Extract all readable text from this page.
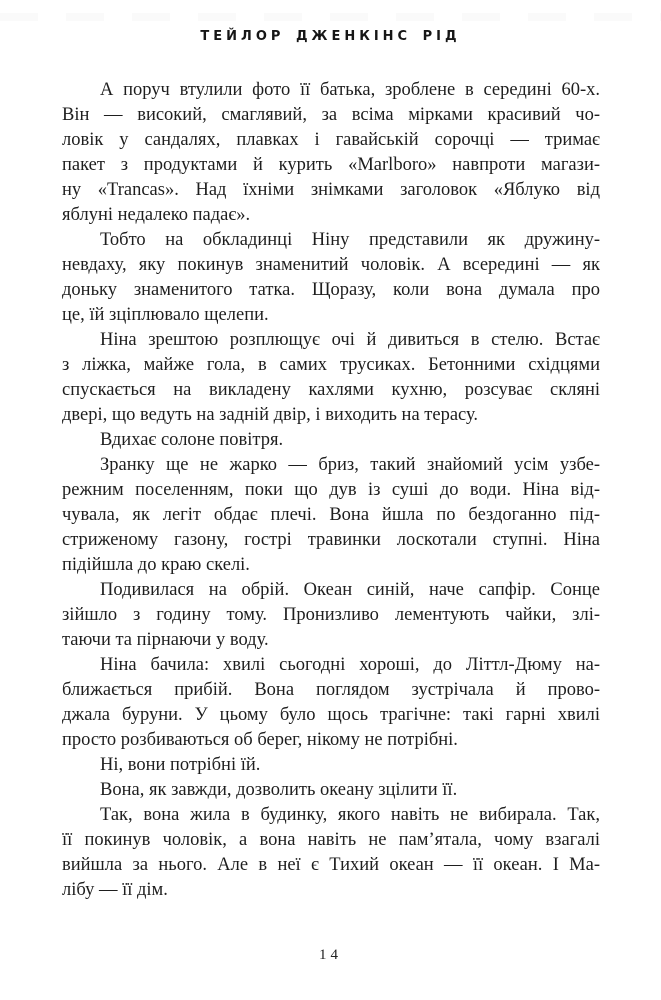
ТЕЙЛОР ДЖЕНКІНС РІД
А поруч втулили фото її батька, зроблене в середині 60-х.
Він — високий, смаглявий, за всіма мірками красивий чо-
ловік у сандалях, плавках і гавайській сорочці — тримає
пакет з продуктами й курить «Marlboro» навпроти магази-
ну «Trancas». Над їхніми знімками заголовок «Яблуко від
яблуні недалеко падає».
Тобто на обкладинці Ніну представили як дружину-
невдаху, яку покинув знаменитий чоловік. А всередині — як
доньку знаменитого татка. Щоразу, коли вона думала про
це, їй зціплювало щелепи.
Ніна зрештою розплющує очі й дивиться в стелю. Встає
з ліжка, майже гола, в самих трусиках. Бетонними східцями
спускається на викладену кахлями кухню, розсуває скляні
двері, що ведуть на задній двір, і виходить на терасу.
Вдихає солоне повітря.
Зранку ще не жарко — бриз, такий знайомий усім узбе-
режним поселенням, поки що дув із суші до води. Ніна від-
чувала, як легіт обдає плечі. Вона йшла по бездоганно під-
стриженому газону, гострі травинки лоскотали ступні. Ніна
підійшла до краю скелі.
Подивилася на обрій. Океан синій, наче сапфір. Сонце
зійшло з годину тому. Пронизливо лементують чайки, злі-
таючи та пірнаючи у воду.
Ніна бачила: хвилі сьогодні хороші, до Літтл-Дюму на-
ближається прибій. Вона поглядом зустрічала й прово-
джала буруни. У цьому було щось трагічне: такі гарні хвилі
просто розбиваються об берег, нікому не потрібні.
Ні, вони потрібні їй.
Вона, як завжди, дозволить океану зцілити її.
Так, вона жила в будинку, якого навіть не вибирала. Так,
її покинув чоловік, а вона навіть не пам’ятала, чому взагалі
вийшла за нього. Але в неї є Тихий океан — її океан. І Ма-
лібу — її дім.
14
